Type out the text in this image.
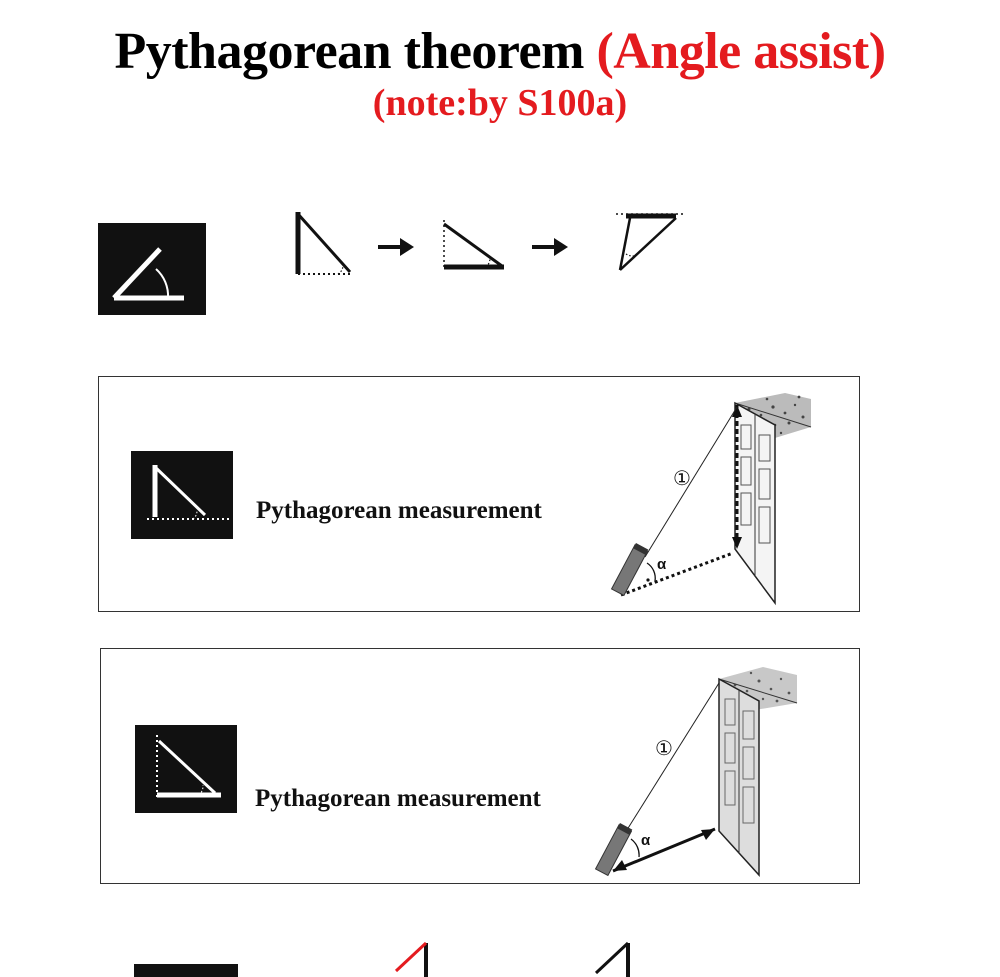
Pythagorean theorem (Angle assist)
(note:by S100a)
Pythagorean measurement
α
①
Pythagorean measurement
α
①
